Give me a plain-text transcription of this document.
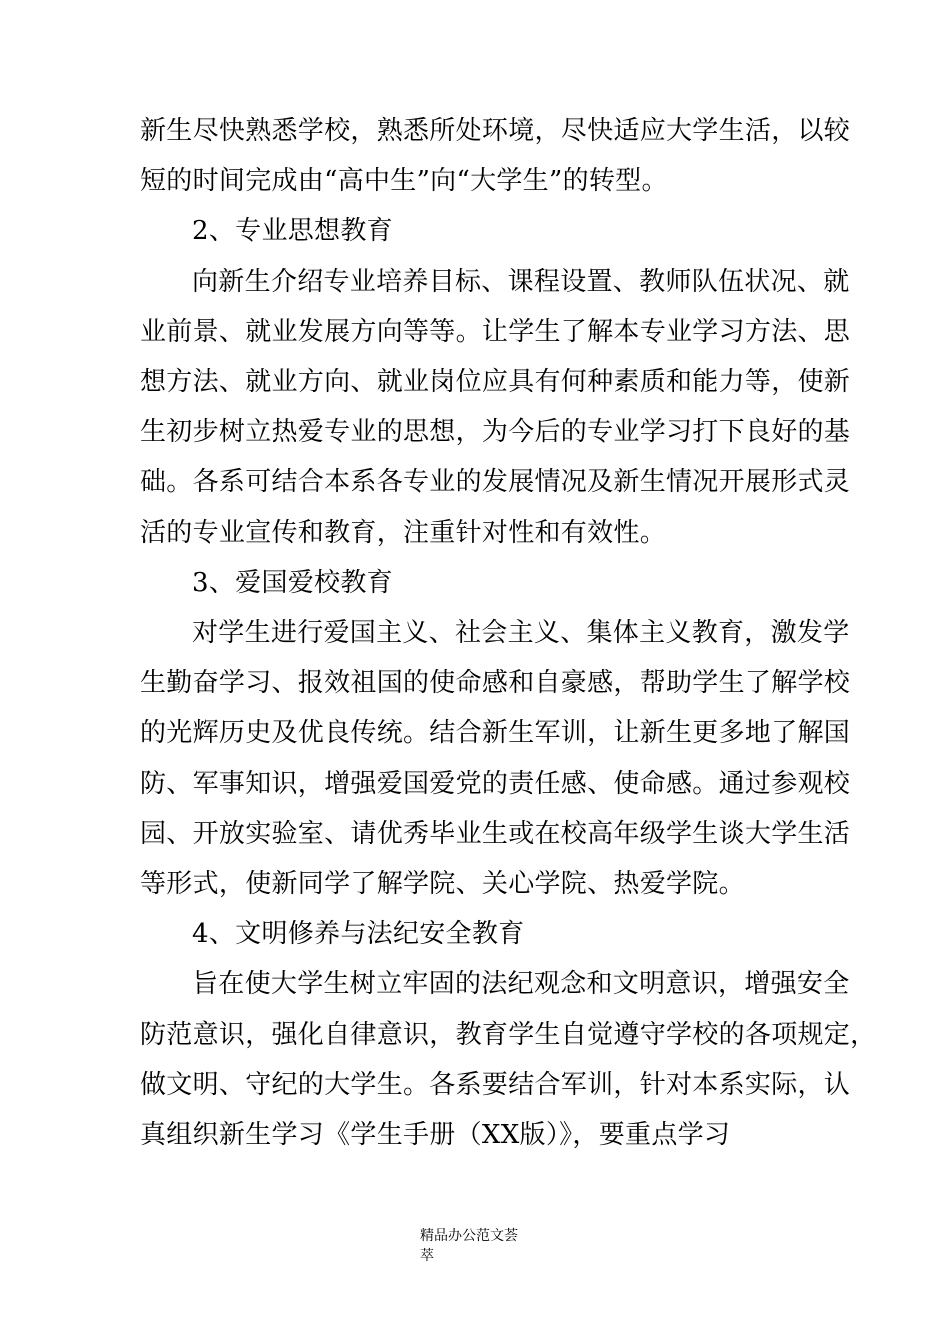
新生尽快熟悉学校，熟悉所处环境，尽快适应大学生活，以较
短的时间完成由“高中生”向“大学生”的转型。
2、专业思想教育
向新生介绍专业培养目标、课程设置、教师队伍状况、就
业前景、就业发展方向等等。让学生了解本专业学习方法、思
想方法、就业方向、就业岗位应具有何种素质和能力等，使新
生初步树立热爱专业的思想，为今后的专业学习打下良好的基
础。各系可结合本系各专业的发展情况及新生情况开展形式灵
活的专业宣传和教育，注重针对性和有效性。
3、爱国爱校教育
对学生进行爱国主义、社会主义、集体主义教育，激发学
生勤奋学习、报效祖国的使命感和自豪感，帮助学生了解学校
的光辉历史及优良传统。结合新生军训，让新生更多地了解国
防、军事知识，增强爱国爱党的责任感、使命感。通过参观校
园、开放实验室、请优秀毕业生或在校高年级学生谈大学生活
等形式，使新同学了解学院、关心学院、热爱学院。
4、文明修养与法纪安全教育
旨在使大学生树立牢固的法纪观念和文明意识，增强安全
防范意识，强化自律意识，教育学生自觉遵守学校的各项规定，
做文明、守纪的大学生。各系要结合军训，针对本系实际，认
真组织新生学习《学生手册（XX版）》，要重点学习
精品办公范文荟
萃
